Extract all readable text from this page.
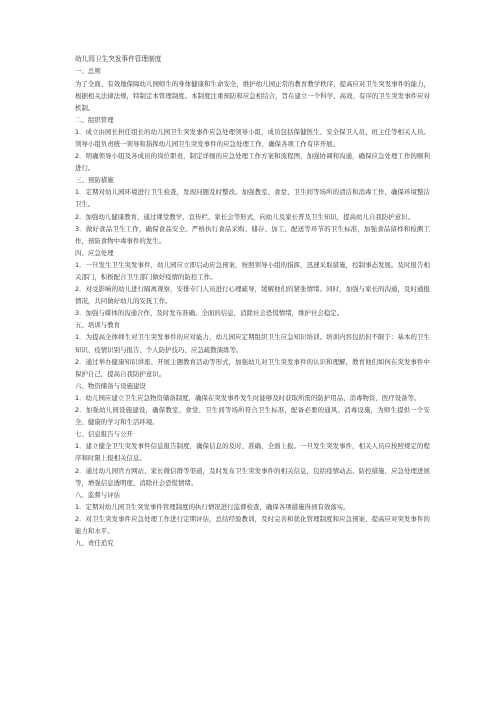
幼儿园卫生突发事件管理制度

一、总则

为了全面、有效地保障幼儿园师生的身体健康和生命安全，维护幼儿园正常的教育教学秩序，提高应对卫生突发事件的能力，根据相关法律法规，特制定本管理制度。本制度注重预防和应急相结合，旨在建立一个科学、高效、有序的卫生突发事件应对机制。

二、组织管理

1．成立由园长担任组长的幼儿园卫生突发事件应急处理领导小组，成员包括保健医生、安全保卫人员、班主任等相关人员。领导小组负责统一领导和指挥幼儿园卫生突发事件的应急处理工作，确保各项工作有序开展。

2．明确领导小组及各成员的岗位职责，制定详细的应急处理工作方案和流程图，加强协调和沟通，确保应急处理工作的顺利进行。

三、预防措施

1．定期对幼儿园环境进行卫生检查，发现问题及时整改。加强教室、食堂、卫生间等场所的清洁和消毒工作，确保环境整洁卫生。

2．加强幼儿健康教育，通过课堂教学、宣传栏、家长会等形式，向幼儿及家长普及卫生知识，提高幼儿自我防护意识。

3．做好食品卫生工作，确保食品安全。严格执行食品采购、储存、加工、配送等环节的卫生标准，加强食品留样和检测工作，预防食物中毒事件的发生。

四、应急处理

1．一旦发生卫生突发事件，幼儿园应立即启动应急预案，按照领导小组的指挥，迅速采取措施，控制事态发展。及时报告相关部门，积极配合卫生部门做好疫情的防控工作。

2．对受影响的幼儿进行隔离观察，安排专门人员进行心理疏导，缓解他们的紧张情绪。同时，加强与家长的沟通，及时通报情况，共同做好幼儿的安抚工作。

3．加强与媒体的沟通合作，及时发布准确、全面的信息，消除社会恐慌情绪，维护社会稳定。

五、培训与教育

1．为提高全体师生对卫生突发事件的应对能力，幼儿园应定期组织卫生应急知识培训。培训内容包括但不限于：基本的卫生知识、疫情识别与报告、个人防护技巧、应急疏散演练等。

2．通过举办健康知识讲座、开展主题教育活动等形式，加强幼儿对卫生突发事件的认识和理解，教育他们如何在突发事件中保护自己，提高自我防护意识。

六、物资储备与设施建设

1．幼儿园应建立卫生应急物资储备制度，确保在突发事件发生时能够及时获取所需的防护用品、消毒物资、医疗设备等。

2．加强幼儿园设施建设，确保教室、食堂、卫生间等场所符合卫生标准，配备必要的通风、消毒设施，为师生提供一个安全、健康的学习和生活环境。

七、信息报告与公开

1．建立健全卫生突发事件信息报告制度，确保信息的及时、准确、全面上报。一旦发生突发事件，相关人员应按照规定的程序和时限上报相关信息。

2．通过幼儿园官方网站、家长微信群等渠道，及时发布卫生突发事件的相关信息，包括疫情动态、防控措施、应急处理进展等，增强信息透明度，消除社会恐慌情绪。

八、监督与评估

1．定期对幼儿园卫生突发事件管理制度的执行情况进行监督检查，确保各项措施得到有效落实。

2．对卫生突发事件应急处理工作进行定期评估，总结经验教训，及时完善和优化管理制度和应急预案，提高应对突发事件的能力和水平。

九、责任追究
